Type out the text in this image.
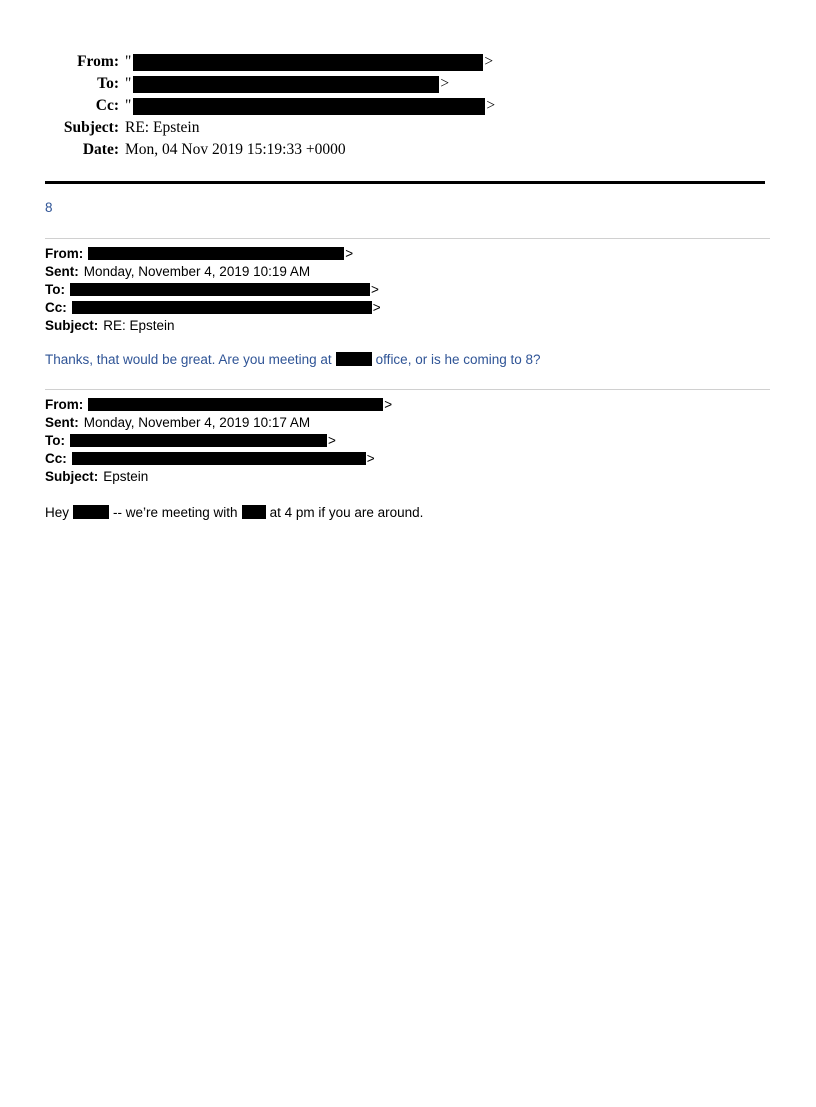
From: "	>
To: "	>
Cc: "	>
Subject: RE: Epstein
Date: Mon, 04 Nov 2019 15:19:33 +0000
8
From:	>
Sent: Monday, November 4, 2019 10:19 AM
To:	>
Cc:	>
Subject: RE: Epstein
Thanks, that would be great. Are you meeting at	office, or is he coming to 8?
From:	>
Sent: Monday, November 4, 2019 10:17 AM
To:	>
Cc:	>
Subject: Epstein
Hey	-- we’re meeting with at 4 pm if you are around.
